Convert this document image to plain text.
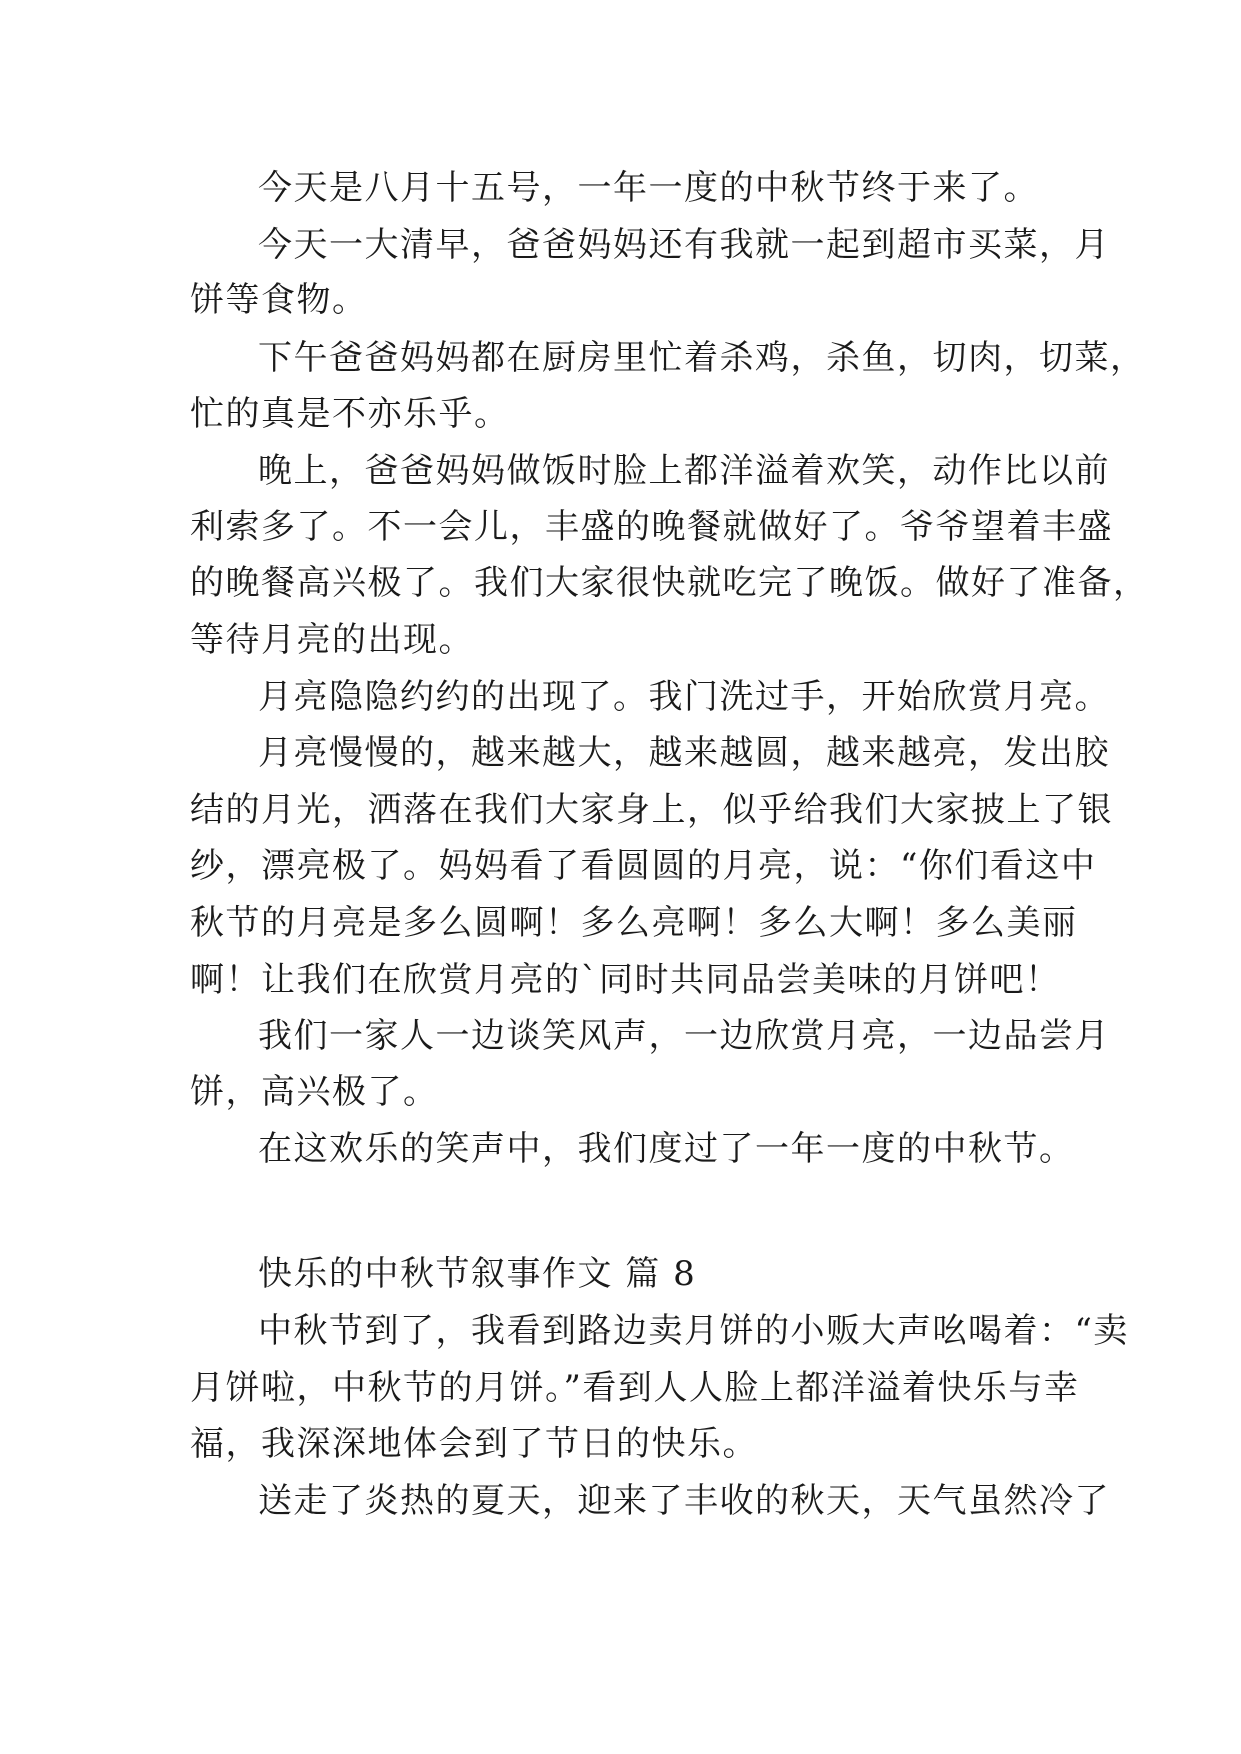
今天是八月十五号，一年一度的中秋节终于来了。
今天一大清早，爸爸妈妈还有我就一起到超市买菜，月
饼等食物。
下午爸爸妈妈都在厨房里忙着杀鸡，杀鱼，切肉，切菜，
忙的真是不亦乐乎。
晚上，爸爸妈妈做饭时脸上都洋溢着欢笑，动作比以前
利索多了。不一会儿，丰盛的晚餐就做好了。爷爷望着丰盛
的晚餐高兴极了。我们大家很快就吃完了晚饭。做好了准备，
等待月亮的出现。
月亮隐隐约约的出现了。我门洗过手，开始欣赏月亮。
月亮慢慢的，越来越大，越来越圆，越来越亮，发出胶
结的月光，洒落在我们大家身上，似乎给我们大家披上了银
纱，漂亮极了。妈妈看了看圆圆的月亮，说：“你们看这中
秋节的月亮是多么圆啊！多么亮啊！多么大啊！多么美丽
啊！让我们在欣赏月亮的`同时共同品尝美味的月饼吧！
我们一家人一边谈笑风声，一边欣赏月亮，一边品尝月
饼，高兴极了。
在这欢乐的笑声中，我们度过了一年一度的中秋节。
快乐的中秋节叙事作文 篇 8
中秋节到了，我看到路边卖月饼的小贩大声吆喝着：“卖
月饼啦，中秋节的月饼。”看到人人脸上都洋溢着快乐与幸
福，我深深地体会到了节日的快乐。
送走了炎热的夏天，迎来了丰收的秋天，天气虽然冷了
